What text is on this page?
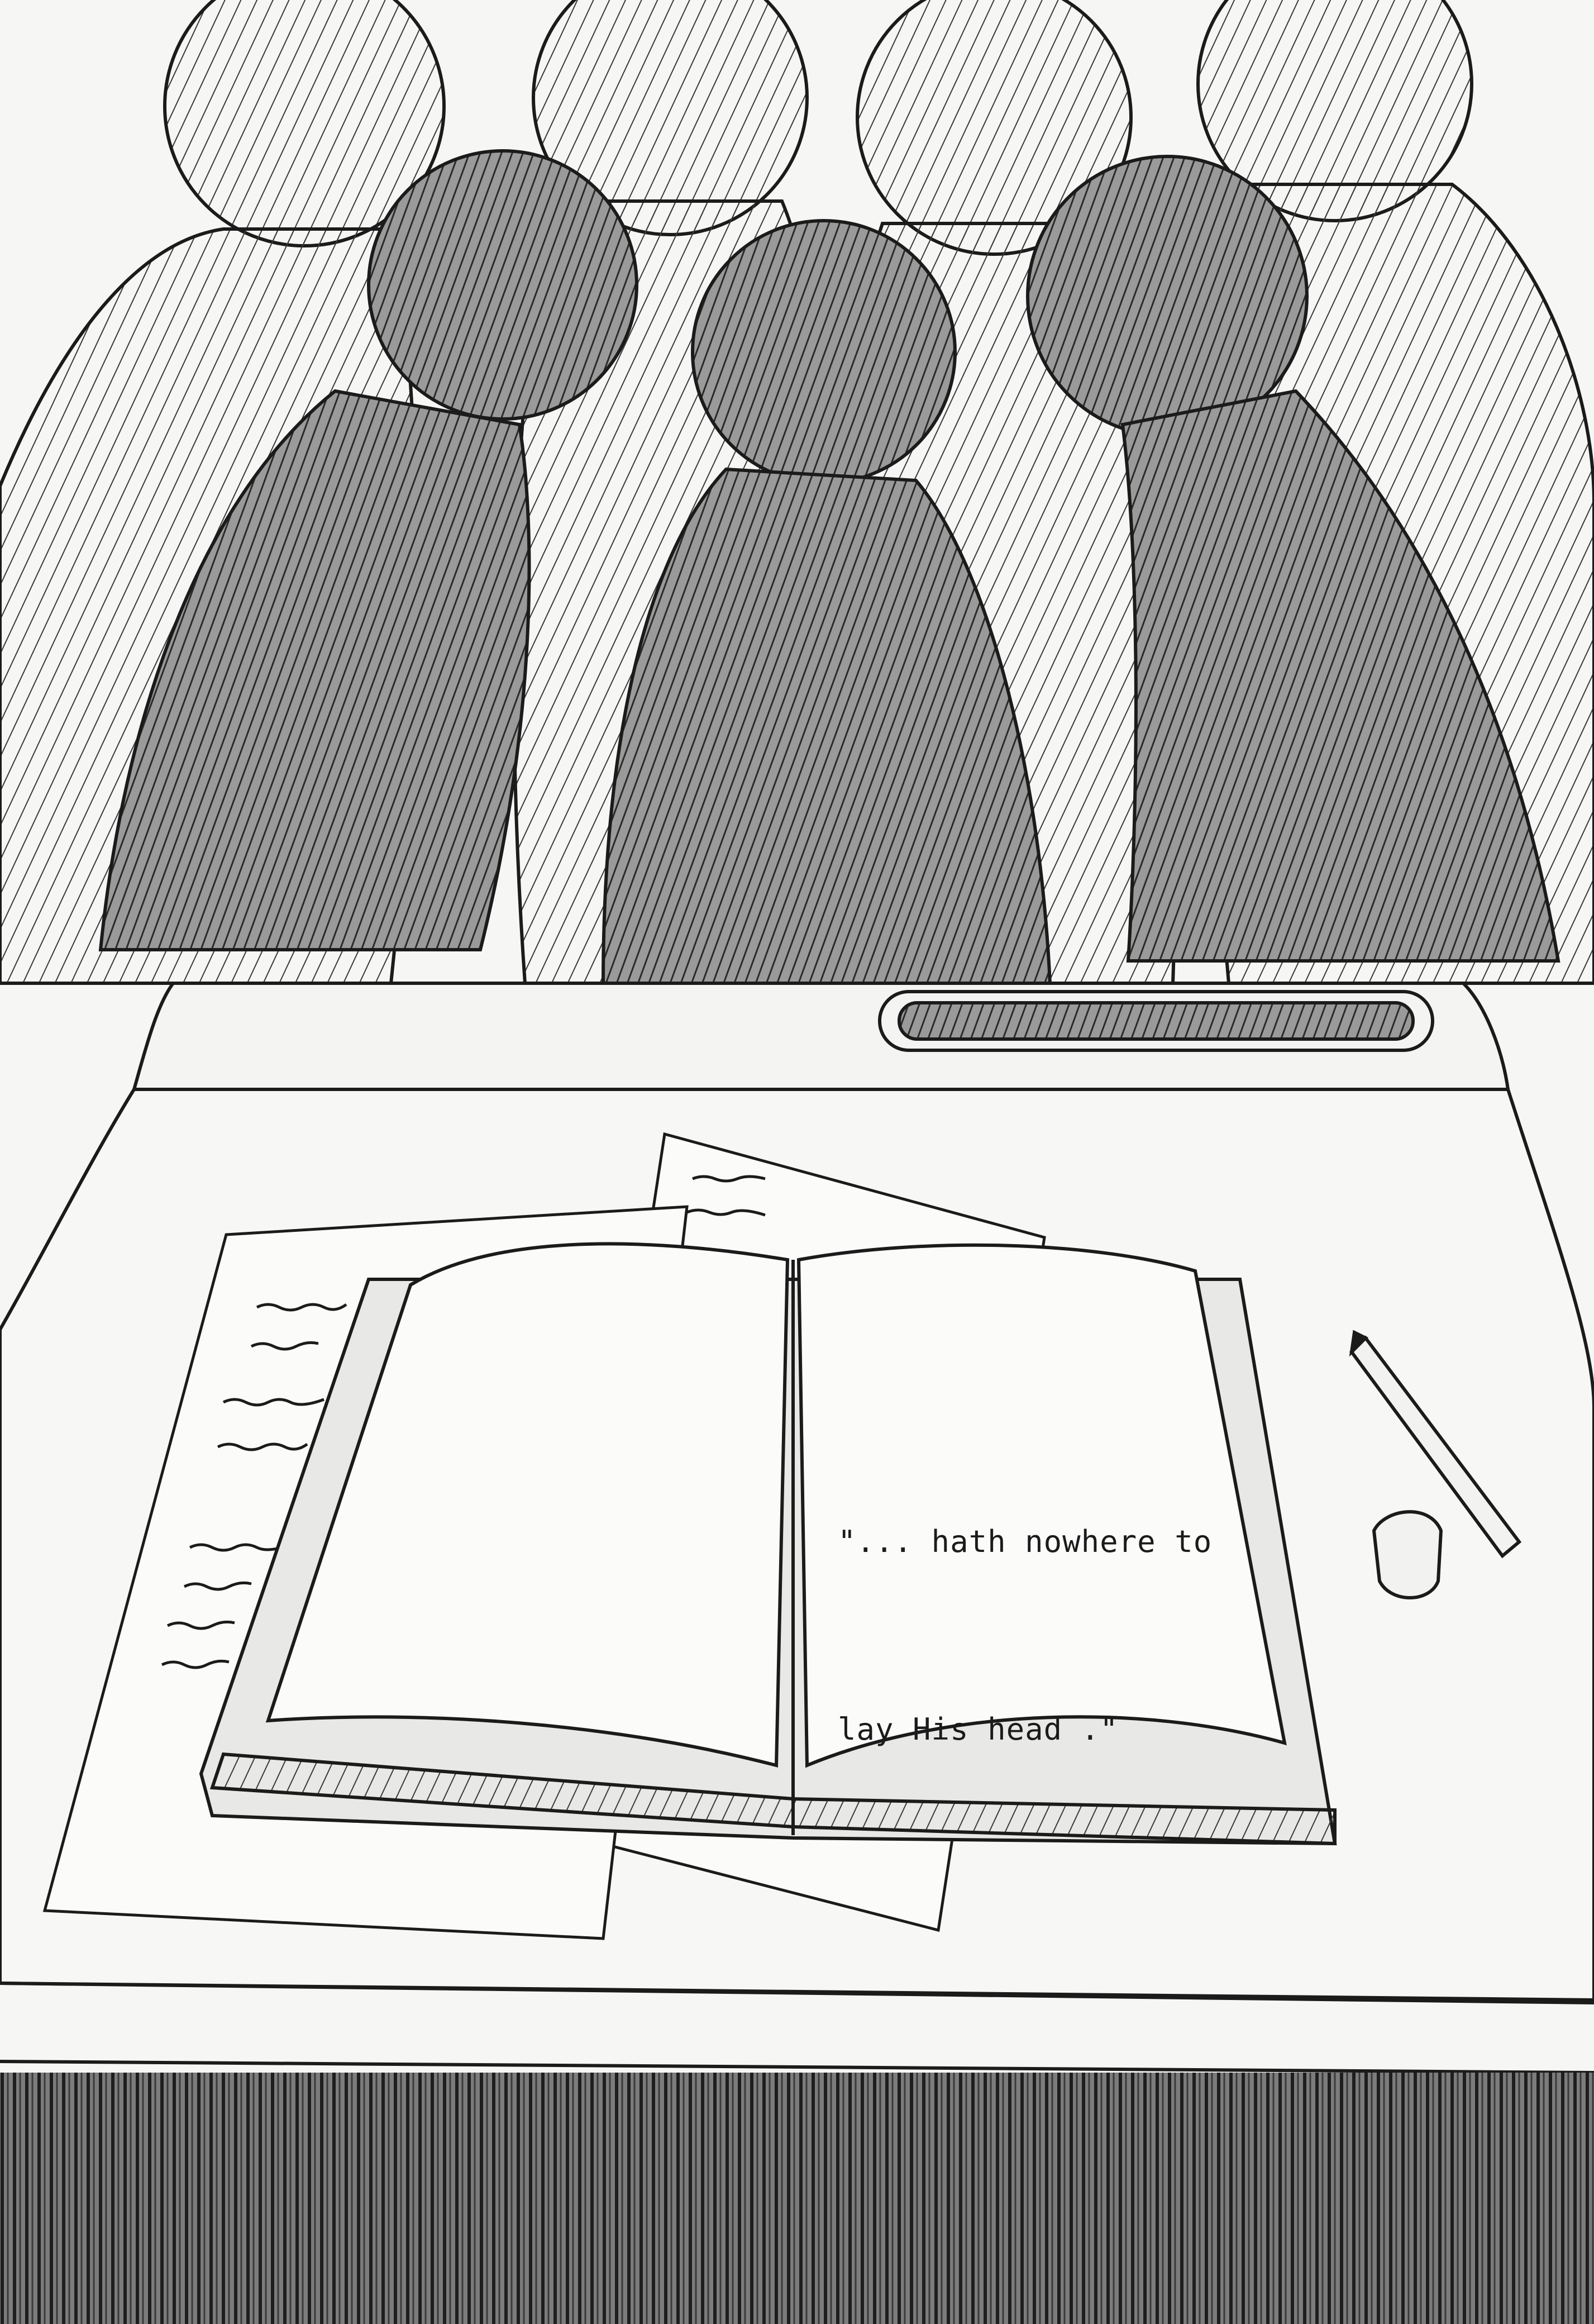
"... hath nowhere to

lay His head ."
